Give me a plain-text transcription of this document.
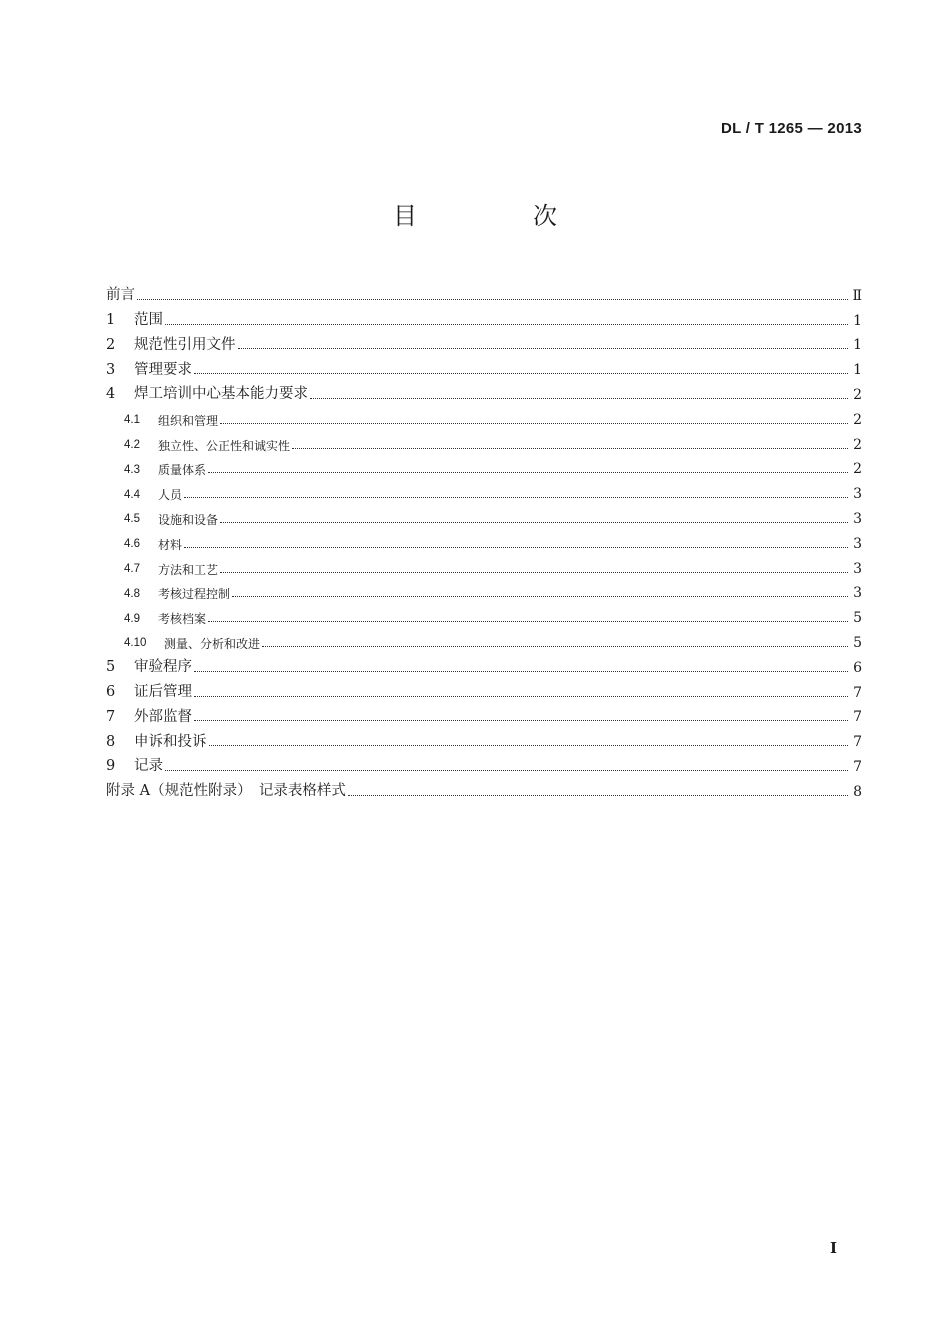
DL / T 1265 — 2013
目　次
前言	Ⅱ
1	范围	1
2	规范性引用文件	1
3	管理要求	1
4	焊工培训中心基本能力要求	2
4.1	组织和管理	2
4.2	独立性、公正性和诚实性	2
4.3	质量体系	2
4.4	人员	3
4.5	设施和设备	3
4.6	材料	3
4.7	方法和工艺	3
4.8	考核过程控制	3
4.9	考核档案	5
4.10	测量、分析和改进	5
5	审验程序	6
6	证后管理	7
7	外部监督	7
8	申诉和投诉	7
9	记录	7
附录 A（规范性附录）　记录表格样式	8
I
